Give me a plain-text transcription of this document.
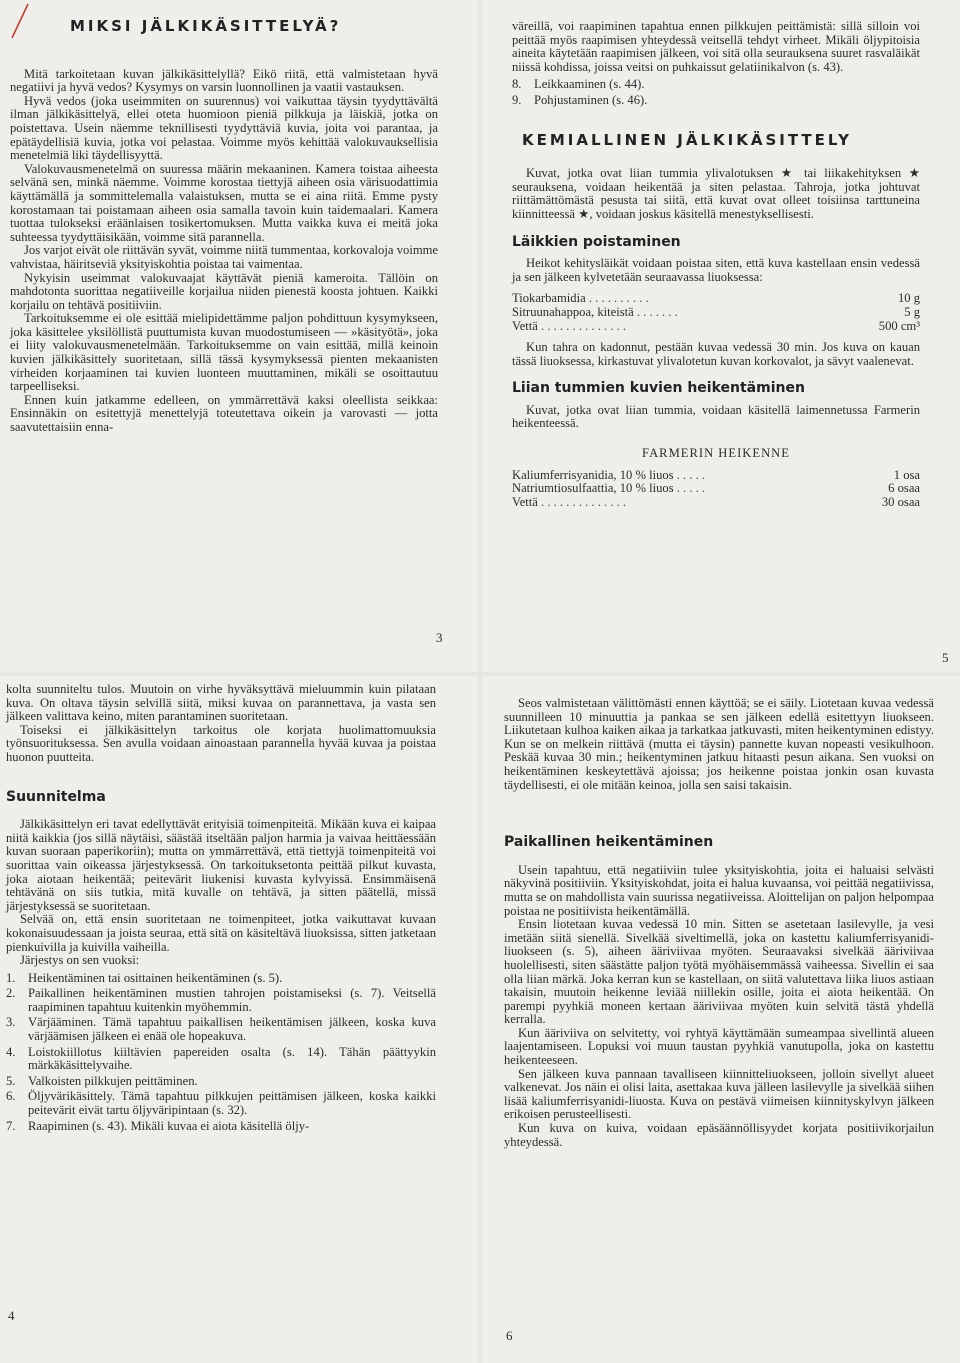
MIKSI JÄLKIKÄSITTELYÄ?

Mitä tarkoitetaan kuvan jälkikäsittelyllä? Eikö riitä, että valmistetaan hyvä negatiivi ja hyvä vedos? Kysymys on varsin luonnollinen ja vaatii vastauksen.

Hyvä vedos (joka useimmiten on suurennus) voi vaikuttaa täysin tyydyttävältä ilman jälkikäsittelyä, ellei oteta huomioon pieniä pilkkuja ja läiskiä, jotka on poistettava. Usein näemme teknillisesti tyydyttäviä kuvia, joita voi parantaa, ja epätäydellisiä kuvia, jotka voi pelastaa. Voimme myös kehittää valokuvauksellisia menetelmiä liki täydellisyyttä.

Valokuvausmenetelmä on suuressa määrin mekaaninen. Kamera toistaa aiheesta selvänä sen, minkä näemme. Voimme korostaa tiettyjä aiheen osia värisuodattimia käyttämällä ja sommittelemalla valaistuksen, mutta se ei aina riitä. Emme pysty korostamaan tai poistamaan aiheen osia samalla tavoin kuin taidemaalari. Kamera tuottaa tulokseksi eräänlaisen tosikertomuksen. Mutta vaikka kuva ei meitä joka suhteessa tyydyttäisikään, voimme sitä parannella.

Jos varjot eivät ole riittävän syvät, voimme niitä tummentaa, korkovaloja voimme vahvistaa, häiritseviä yksityiskohtia poistaa tai vaimentaa.

Nykyisin useimmat valokuvaajat käyttävät pieniä kameroita. Tällöin on mahdotonta suorittaa negatiiveille korjailua niiden pienestä koosta johtuen. Kaikki korjailu on tehtävä positiiviin.

Tarkoituksemme ei ole esittää mielipidettämme paljon pohdittuun kysymykseen, joka käsittelee yksilöllistä puuttumista kuvan muodostumiseen — »käsityötä», joka ei liity valokuvausmenetelmään. Tarkoituksemme on vain esittää, millä keinoin kuvien jälkikäsittely suoritetaan, sillä tässä kysymyksessä pienten mekaanisten virheiden korjaaminen tai kuvien luonteen muuttaminen, mikäli se osoittautuu tarpeelliseksi.

Ennen kuin jatkamme edelleen, on ymmärrettävä kaksi oleellista seikkaa: Ensinnäkin on esitettyjä menettelyjä toteutettava oikein ja varovasti — jotta saavutettaisiin enna-

3

väreillä, voi raapiminen tapahtua ennen pilkkujen peittämistä: sillä silloin voi peittää myös raapimisen yhteydessä veitsellä tehdyt virheet. Mikäli öljypitoisia aineita käytetään raapimisen jälkeen, voi sitä olla seurauksena suuret rasvaläikät niissä kohdissa, joissa veitsi on puhkaissut gelatiinikalvon (s. 43).

8. Leikkaaminen (s. 44).
9. Pohjustaminen (s. 46).
KEMIALLINEN JÄLKIKÄSITTELY

Kuvat, jotka ovat liian tummia ylivalotuksen ★ tai liikakehityksen ★ seurauksena, voidaan heikentää ja siten pelastaa. Tahroja, jotka johtuvat riittämättömästä pesusta tai siitä, että kuvat ovat olleet toisiinsa tarttuneina kiinnitteessä ★, voidaan joskus käsitellä menestyksellisesti.

Läikkien poistaminen

Heikot kehitysläikät voidaan poistaa siten, että kuva kastellaan ensin vedessä ja sen jälkeen kylvetetään seuraavassa liuoksessa:

Tiokarbamidia . . . . . . . . . .	10 g
Sitruunahappoa, kiteistä . . . . . . .	5 g
Vettä . . . . . . . . . . . . . .	500 cm³

Kun tahra on kadonnut, pestään kuvaa vedessä 30 min. Jos kuva on kauan tässä liuoksessa, kirkastuvat ylivalotetun kuvan korkovalot, ja sävyt vaalenevat.

Liian tummien kuvien heikentäminen

Kuvat, jotka ovat liian tummia, voidaan käsitellä laimennetussa Farmerin heikenteessä.

FARMERIN HEIKENNE
Kaliumferrisyanidia, 10 % liuos . . . . .	1 osa
Natriumtiosulfaattia, 10 % liuos . . . . .	6 osaa
Vettä . . . . . . . . . . . . . .	30 osaa
5

kolta suunniteltu tulos. Muutoin on virhe hyväksyttävä mieluummin kuin pilataan kuva. On oltava täysin selvillä siitä, miksi kuvaa on parannettava, ja vasta sen jälkeen valittava keino, miten parantaminen suoritetaan.

Toiseksi ei jälkikäsittelyn tarkoitus ole korjata huolimattomuuksia työnsuorituksessa. Sen avulla voidaan ainoastaan parannella hyvää kuvaa ja poistaa huonon puutteita.

Suunnitelma

Jälkikäsittelyn eri tavat edellyttävät erityisiä toimenpiteitä. Mikään kuva ei kaipaa niitä kaikkia (jos sillä näytäisi, säästää itseltään paljon harmia ja vaivaa heittäessään kuvan suoraan paperikoriin); mutta on ymmärrettävä, että tiettyjä toimenpiteitä voi suorittaa vain oikeassa järjestyksessä. On tarkoituksetonta peittää pilkut kuvasta, joka aiotaan heikentää; peitevärit liukenisi kuvasta kylvyissä. Ensimmäisenä tehtävänä on siis tutkia, mitä kuvalle on tehtävä, ja sitten päätellä, missä järjestyksessä se suoritetaan.

Selvää on, että ensin suoritetaan ne toimenpiteet, jotka vaikuttavat kuvaan kokonaisuudessaan ja joista seuraa, että sitä on käsiteltävä liuoksissa, sitten jatketaan pienkuivilla ja kuivilla vaiheilla.

Järjestys on sen vuoksi:

1. Heikentäminen tai osittainen heikentäminen (s. 5).
2. Paikallinen heikentäminen mustien tahrojen poistamiseksi (s. 7). Veitsellä raapiminen tapahtuu kuitenkin myöhemmin.
3. Värjääminen. Tämä tapahtuu paikallisen heikentämisen jälkeen, koska kuva värjäämisen jälkeen ei enää ole hopeakuva.
4. Loistokiillotus kiiltävien papereiden osalta (s. 14). Tähän päättyykin märkäkäsittelyvaihe.
5. Valkoisten pilkkujen peittäminen.
6. Öljyvärikäsittely. Tämä tapahtuu pilkkujen peittämisen jälkeen, koska kaikki peitevärit eivät tartu öljyväripintaan (s. 32).
7. Raapiminen (s. 43). Mikäli kuvaa ei aiota käsitellä öljy-
4

Seos valmistetaan välittömästi ennen käyttöä; se ei säily. Liotetaan kuvaa vedessä suunnilleen 10 minuuttia ja pankaa se sen jälkeen edellä esitettyyn liuokseen. Liikutetaan kulhoa kaiken aikaa ja tarkatkaa jatkuvasti, miten heikentyminen edistyy. Kun se on melkein riittävä (mutta ei täysin) pannette kuvan nopeasti vesikulhoon. Peskää kuvaa 30 min.; heikentyminen jatkuu hitaasti pesun aikana. Sen vuoksi on heikentäminen keskeytettävä ajoissa; jos heikenne poistaa jonkin osan kuvasta täydellisesti, ei ole mitään keinoa, jolla sen saisi takaisin.

Paikallinen heikentäminen

Usein tapahtuu, että negatiiviin tulee yksityiskohtia, joita ei haluaisi selvästi näkyvinä positiiviin. Yksityiskohdat, joita ei halua kuvaansa, voi peittää negatiivissa, mutta se on mahdollista vain suurissa negatiiveissa. Aloittelijan on paljon helpompaa poistaa ne positiivista heikentämällä.

Ensin liotetaan kuvaa vedessä 10 min. Sitten se asetetaan lasilevylle, ja vesi imetään siitä sienellä. Sivelkää siveltimellä, joka on kastettu kaliumferrisyanidi-liuokseen (s. 5), aiheen ääriviivaa myöten. Seuraavaksi sivelkää ääriviivaa huolellisesti, siten säästätte paljon työtä myöhäisemmässä vaiheessa. Sivellin ei saa olla liian märkä. Joka kerran kun se kastellaan, on siitä valutettava liika liuos astiaan takaisin, muutoin heikenne leviää niillekin osille, joita ei aiota heikentää. On parempi pyyhkiä moneen kertaan ääriviivaa myöten kuin selvitä tästä yhdellä kerralla.

Kun ääriviiva on selvitetty, voi ryhtyä käyttämään sumeampaa sivellintä alueen laajentamiseen. Lopuksi voi muun taustan pyyhkiä vanutupolla, joka on kastettu heikenteeseen.

Sen jälkeen kuva pannaan tavalliseen kiinnitteliuokseen, jolloin sivellyt alueet valkenevat. Jos näin ei olisi laita, asettakaa kuva jälleen lasilevylle ja sivelkää siihen lisää kaliumferrisyanidi-liuosta. Kuva on pestävä viimeisen kiinnityskylvyn jälkeen erikoisen perusteellisesti.

Kun kuva on kuiva, voidaan epäsäännöllisyydet korjata positiivikorjailun yhteydessä.

6
